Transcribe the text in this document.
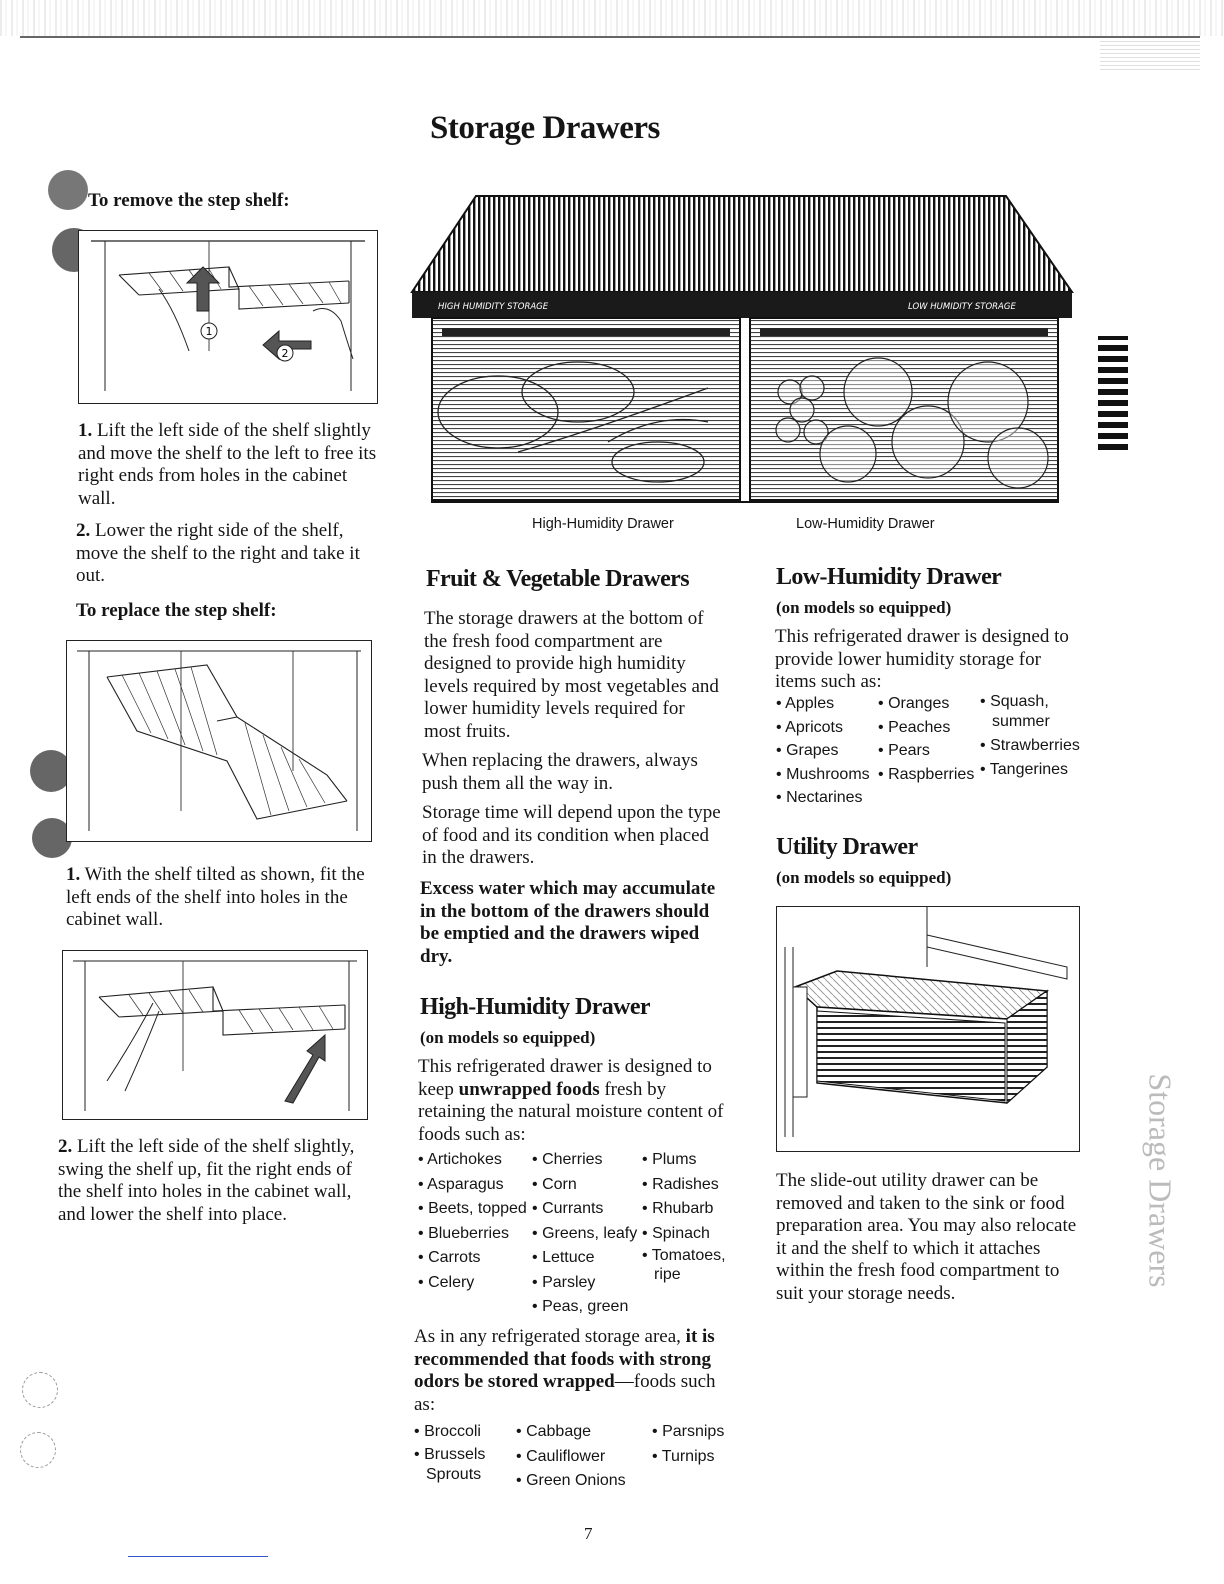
Storage Drawers
To remove the step shelf:
1
2
1. Lift the left side of the shelf slightly and move the shelf to the left to free its right ends from holes in the cabinet wall.
2. Lower the right side of the shelf, move the shelf to the right and take it out.
To replace the step shelf:
1. With the shelf tilted as shown, fit the left ends of the shelf into holes in the cabinet wall.
2. Lift the left side of the shelf slightly, swing the shelf up, fit the right ends of the shelf into holes in the cabinet wall, and lower the shelf into place.
HIGH HUMIDITY STORAGE	LOW HUMIDITY STORAGE
High-Humidity Drawer	Low-Humidity Drawer
Fruit & Vegetable Drawers
The storage drawers at the bottom of the fresh food compartment are designed to provide high humidity levels required by most vegetables and lower humidity levels required for most fruits.
When replacing the drawers, always push them all the way in.
Storage time will depend upon the type of food and its condition when placed in the drawers.
Excess water which may accumulate in the bottom of the drawers should be emptied and the drawers wiped dry.
High-Humidity Drawer
(on models so equipped)
This refrigerated drawer is designed to keep unwrapped foods fresh by retaining the natural moisture content of foods such as:
• Artichokes
• Asparagus
• Beets, topped
• Blueberries
• Carrots
• Celery
• Cherries
• Corn
• Currants
• Greens, leafy
• Lettuce
• Parsley
• Peas, green
• Plums
• Radishes
• Rhubarb
• Spinach
• Tomatoes,
ripe
As in any refrigerated storage area, it is recommended that foods with strong odors be stored wrapped—foods such as:
• Broccoli
• Brussels
Sprouts
• Cabbage
• Cauliflower
• Green Onions
• Parsnips
• Turnips
Low-Humidity Drawer
(on models so equipped)
This refrigerated drawer is designed to provide lower humidity storage for items such as:
• Apples
• Apricots
• Grapes
• Mushrooms
• Nectarines
• Oranges
• Peaches
• Pears
• Raspberries
• Squash,
summer
• Strawberries
• Tangerines
Utility Drawer
(on models so equipped)
The slide-out utility drawer can be removed and taken to the sink or food preparation area. You may also relocate it and the shelf to which it attaches within the fresh food compartment to suit your storage needs.
Storage Drawers
7
